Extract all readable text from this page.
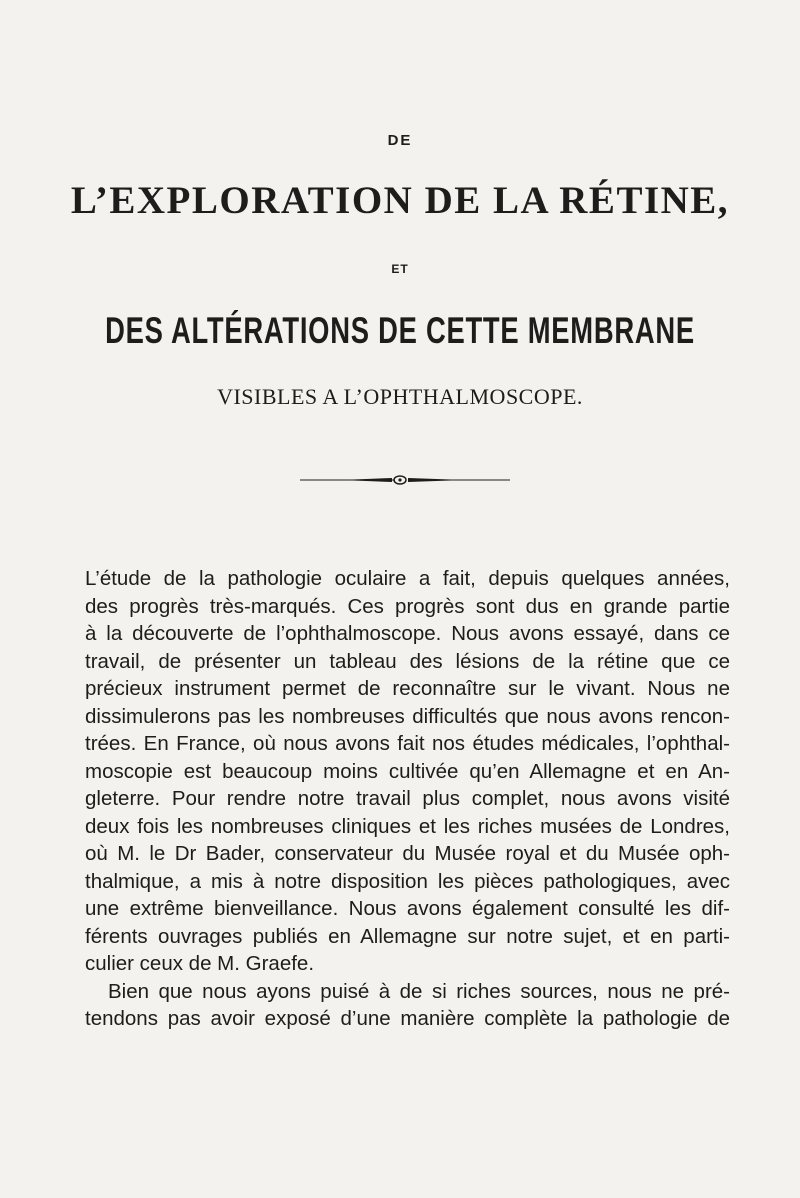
DE
L’EXPLORATION DE LA RÉTINE,
ET
DES ALTÉRATIONS DE CETTE MEMBRANE
VISIBLES A L’OPHTHALMOSCOPE.
L’étude de la pathologie oculaire a fait, depuis quelques années,
des progrès très-marqués. Ces progrès sont dus en grande partie
à la découverte de l’ophthalmoscope. Nous avons essayé, dans ce
travail, de présenter un tableau des lésions de la rétine que ce
précieux instrument permet de reconnaître sur le vivant. Nous ne
dissimulerons pas les nombreuses difficultés que nous avons rencon-
trées. En France, où nous avons fait nos études médicales, l’ophthal-
moscopie est beaucoup moins cultivée qu’en Allemagne et en An-
gleterre. Pour rendre notre travail plus complet, nous avons visité
deux fois les nombreuses cliniques et les riches musées de Londres,
où M. le Dr Bader, conservateur du Musée royal et du Musée oph-
thalmique, a mis à notre disposition les pièces pathologiques, avec
une extrême bienveillance. Nous avons également consulté les dif-
férents ouvrages publiés en Allemagne sur notre sujet, et en parti-
culier ceux de M. Graefe.
Bien que nous ayons puisé à de si riches sources, nous ne pré-
tendons pas avoir exposé d’une manière complète la pathologie de
